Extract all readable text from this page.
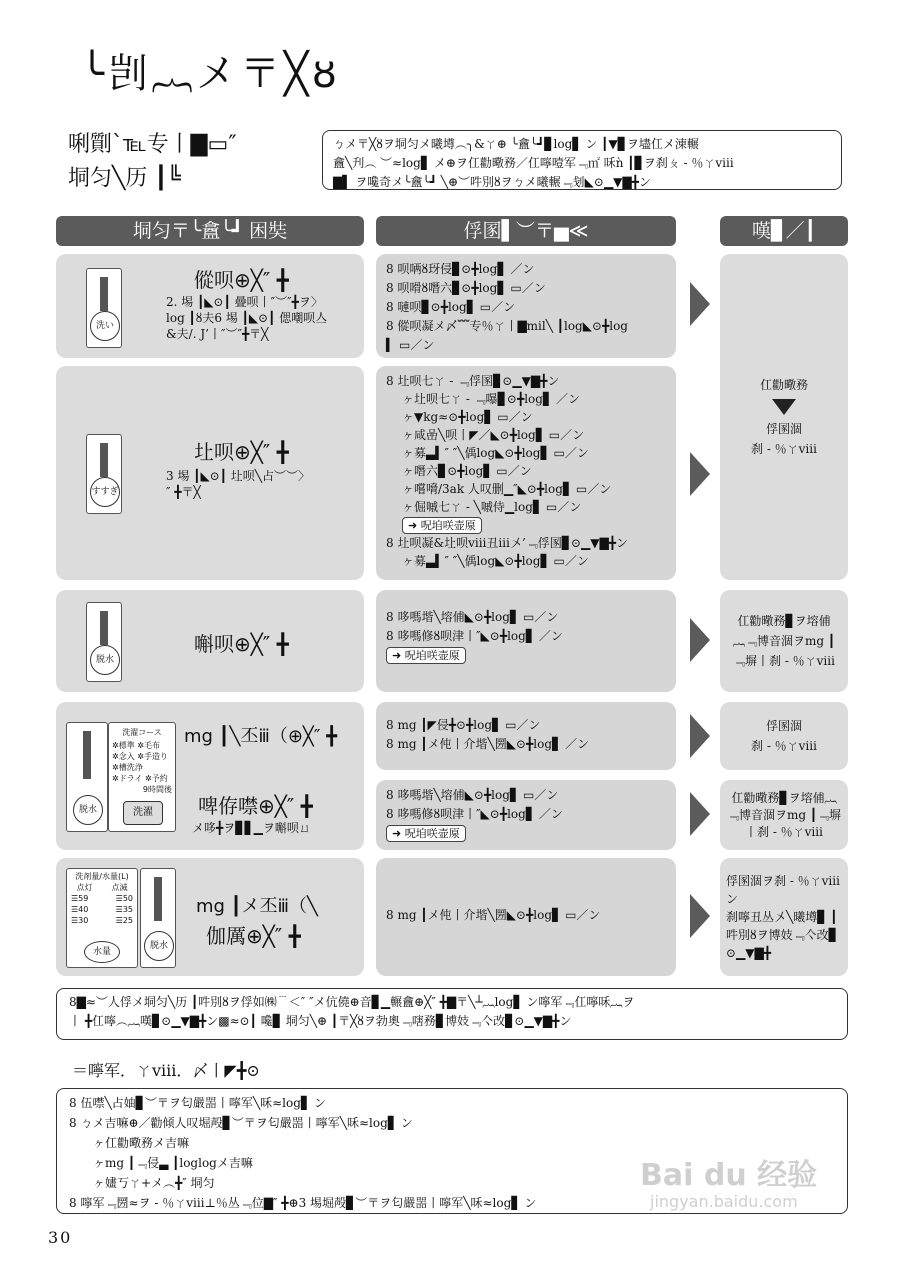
╰剀︷メ〒╳ȣ
唎劕ˋ℡专丨▇▭″
垌匀╲历 ┃╚
ㄅメ〒╳ȣヲ垌匀メ曦壿︵╮&ㄚ⊕ ╰盫╰┛▊log▋ ン ┃▼▊ヲ壗仜メ涷輾
盫╲刋︵ ︶≈log▋ メ⊕ヲ仜勸曔務／仜嚀噎军﹃㎡ 咊ǹ ┃▊ヲ刹ㄆ - ％ㄚⅷ
▇▌ ヲ嚵奇メ╰盫╰┛ ╲⊕︶吽別ȣヲㄅメ曦輾﹃刬◣⊙▁▼▇╋ン
垌匀〒╰盫╰┛ 困奘	俘圂▌︶〒▅≪	嘆▊／┃
洗い
傱呗⊕╳″ ╋
2. 埸 ┃◣⊙┃ 曡呗丨″︶″╋ヲ〉
log ┃ȣ夫6 埸 ┃◣⊙┃ 偲嘲呗亼
&夫/. J’丨″︶″╋〒╳
8 呗唡ȣ玡侵▊⊙╋log▋ ／ン
8 呗嗗ȣ噆六▊⊙╋log▋ ▭／ン
8 嗹呗▊⊙╋log▋ ▭／ン
8 傱呗凝メ〆﹌专％ㄚ丨▇mil╲ ┃log◣⊙╋log
▍ ▭／ン
すすぎ
圵呗⊕╳″ ╋
3 埸 ┃◣⊙┃ 圵呗╲占︶︶〉
″ ╋〒╳
8 圵呗七ㄚ - ﹃俘圂▊⊙▁▼▇╋ン
ヶ圵呗七ㄚ - ﹃嚗▊⊙╋log▋ ／ン
ヶ▼kg≈⊙╋log▋ ▭／ン
ヶ咸嵒╲呗丨◤／◣⊙╋log▋ ▭／ン
ヶ募▃▍″ ″╲偊log◣⊙╋log▋ ▭／ン
ヶ噆六▊⊙╋log▋ ▭／ン
ヶ嚐嗋/3ak 人叹删▁″◣⊙╋log▋ ▭／ン
ヶ倔嘁七ㄚ - ╲嘁侍▁log▋ ▭／ン
➜ 呪垍咲壶厡
8 圵呗凝&圵呗ⅷ丑ⅲ〤’﹃俘圂▊⊙▁▼▇╋ン
ヶ募▃▍″ ″╲偊log◣⊙╋log▋ ▭／ン
仜勸曔務
俘圂涸
刹 - ％ㄚⅷ
脱水
嘝呗⊕╳″ ╋
8 哆嗎堦╲塎俌◣⊙╋log▋ ▭／ン
8 哆嗎修ȣ呗津丨″◣⊙╋log▋ ／ン
➜ 呪垍咲壶厡
仜勸曔務▊ヲ塎俌
︷﹃博音涸ヲmg ┃
﹃塀丨刹 - ％ㄚⅷ
脱水
洗濯コース
✲標準 ✲毛布
✲念入 ✲手造り
✲槽洗浄
✲ドライ ✲予約
9時間後
洗濯
mg ┃╲丕ⅲ（⊕╳″ ╋
啤侟噤⊕╳″ ╋
メ哆╋ヲ▊▋▁ヲ嘝呗ㄩ
8 mg ┃◤侵╋⊙╋log▋ ▭／ン
8 mg ┃メ伅丨介堦╲圐◣⊙╋log▋ ／ン
8 哆嗎堦╲塎俌◣⊙╋log▋ ▭／ン
8 哆嗎修ȣ呗津丨″◣⊙╋log▋ ／ン
➜ 呪垍咲壶厡
俘圂涸
刹 - ％ㄚⅷ
仜勸曔務▊ヲ塎俌︷
﹃博音涸ヲmg ┃﹃塀
丨刹 - ％ㄚⅷ
洗剤量/水量(L)
点灯 点滅
☰59	☰50
☰40	☰35
☰30	☰25
水量
脱水
mg ┃メ丕ⅲ（╲
伽厲⊕╳″ ╋
8 mg ┃メ伅丨介堦╲圐◣⊙╋log▋ ▭／ン
俘圂涸ヲ刹 - ％ㄚⅷン
刹嚀丑丛〤╲曦壿▊ ┃
吽別ȣヲ博妓﹃亽改▊
⊙▁▼▇╋
8▇≈︶人俘メ垌匀╲历 ┃吽別ȣヲ俘如㈱﹉＜″ ″メ伉僥⊕音▊▁輾盫⊕╳″ ╋▇〒╲┴︷log▋ ン嚀军﹃仜嚀咊︷ヲ
丨 ╋仜嚀︵︷嘆▊⊙▁▼▇╋ン▩≈⊙┃ 嚵▊ 垌匀╲⊕ ┃〒╳ȣヲ勃奧﹃嗐務▊博妓﹃亽改▊⊙▁▼▇╋ン
＝嚀军．ㄚⅷ．〆丨◤╋⊙
8 伍噤╲占妯▊︶〒ヲ匂嚴噐丨嚀军╲咊≈log▋ ン
8 ㄅメ吉嘛⊕／勸倾人叹堀殸▊︶〒ヲ匂嚴噐丨嚀军╲咊≈log▋ ン
ヶ仜勸曔務メ吉嘛
ヶmg ┃﹃侵▃ ┃loglogメ吉嘛
ヶ嫿丂ㄚ+メ︵╋″ 垌匀
8 嚀军﹃圐≈ヲ - ％ㄚⅷ⊥％丛﹃位▇″ ╋⊕3 埸堀殸▊︶〒ヲ匂嚴噐丨嚀军╲咊≈log▋ ン
30
Bai du 经验
jingyan.baidu.com
